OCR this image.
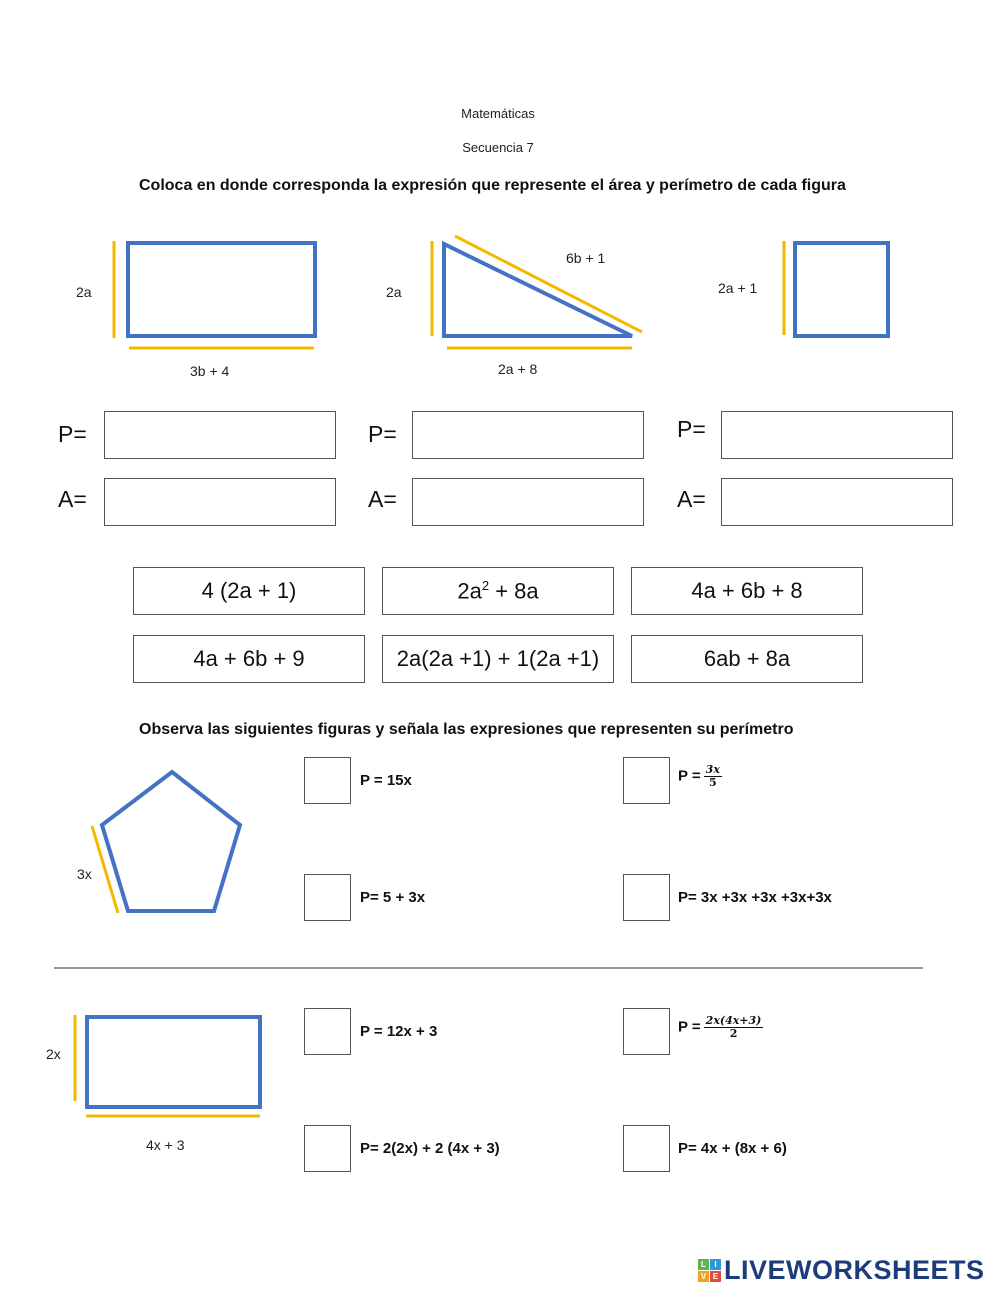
Matemáticas
Secuencia 7
Coloca en donde corresponda la expresión que represente el área y perímetro de cada figura
2a
3b + 4
2a
6b + 1
2a + 8
2a + 1
P=	P=	P=
A=	A=	A=
4 (2a + 1)	$2a^2 + 8a$	4a + 6b + 8
4a + 6b + 9	2a(2a +1) + 1(2a +1)	6ab + 8a
Observa las siguientes figuras y señala las expresiones que representen su perímetro
3x
P = 15x	$P = \frac{3x}{5}$
P= 5 + 3x	P= 3x +3x +3x +3x+3x
2x
4x + 3
P = 12x + 3	$P = \frac{2x(4x+3)}{2}$
P= 2(2x) + 2 (4x + 3)	P= 4x + (8x + 6)
L	I
V E LIVEWORKSHEETS
